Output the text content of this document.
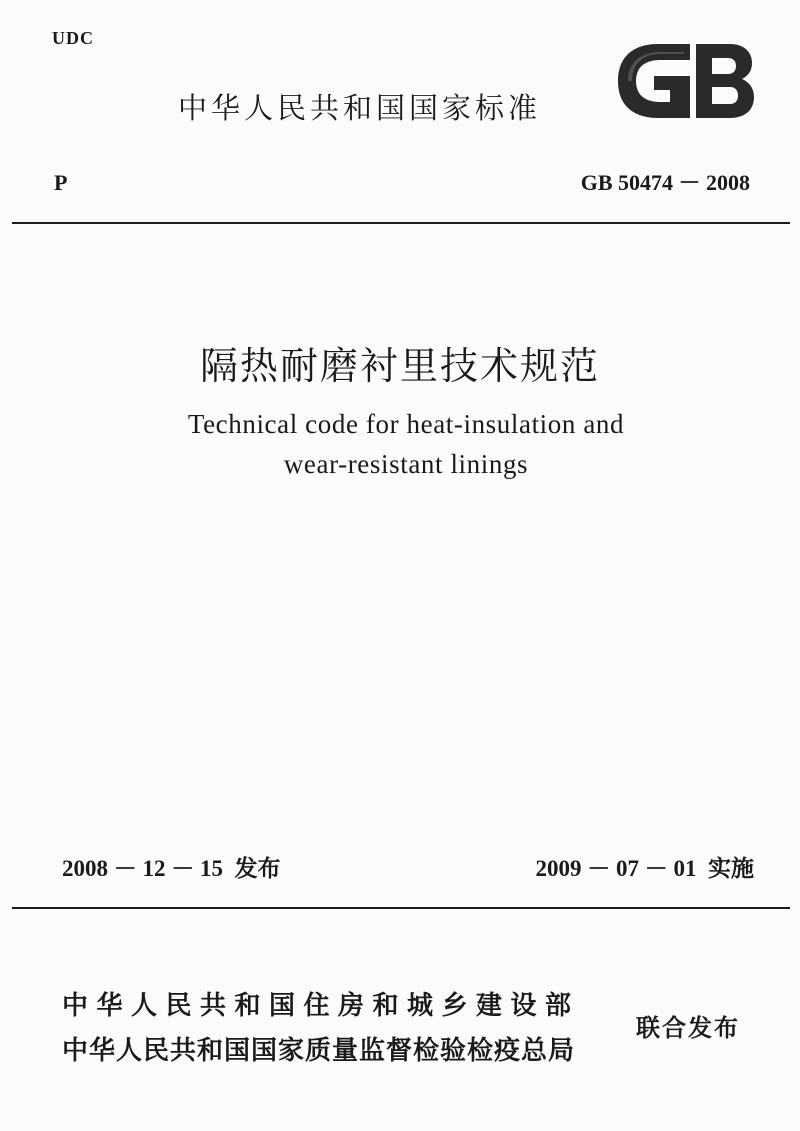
UDC
中华人民共和国国家标准
P	GB 50474 － 2008
隔热耐磨衬里技术规范
Technical code for heat-insulation and
wear-resistant linings
2008 － 12 － 15  发布	2009 － 07 － 01  实施
中华人民共和国住房和城乡建设部
中华人民共和国国家质量监督检验检疫总局
联合发布
